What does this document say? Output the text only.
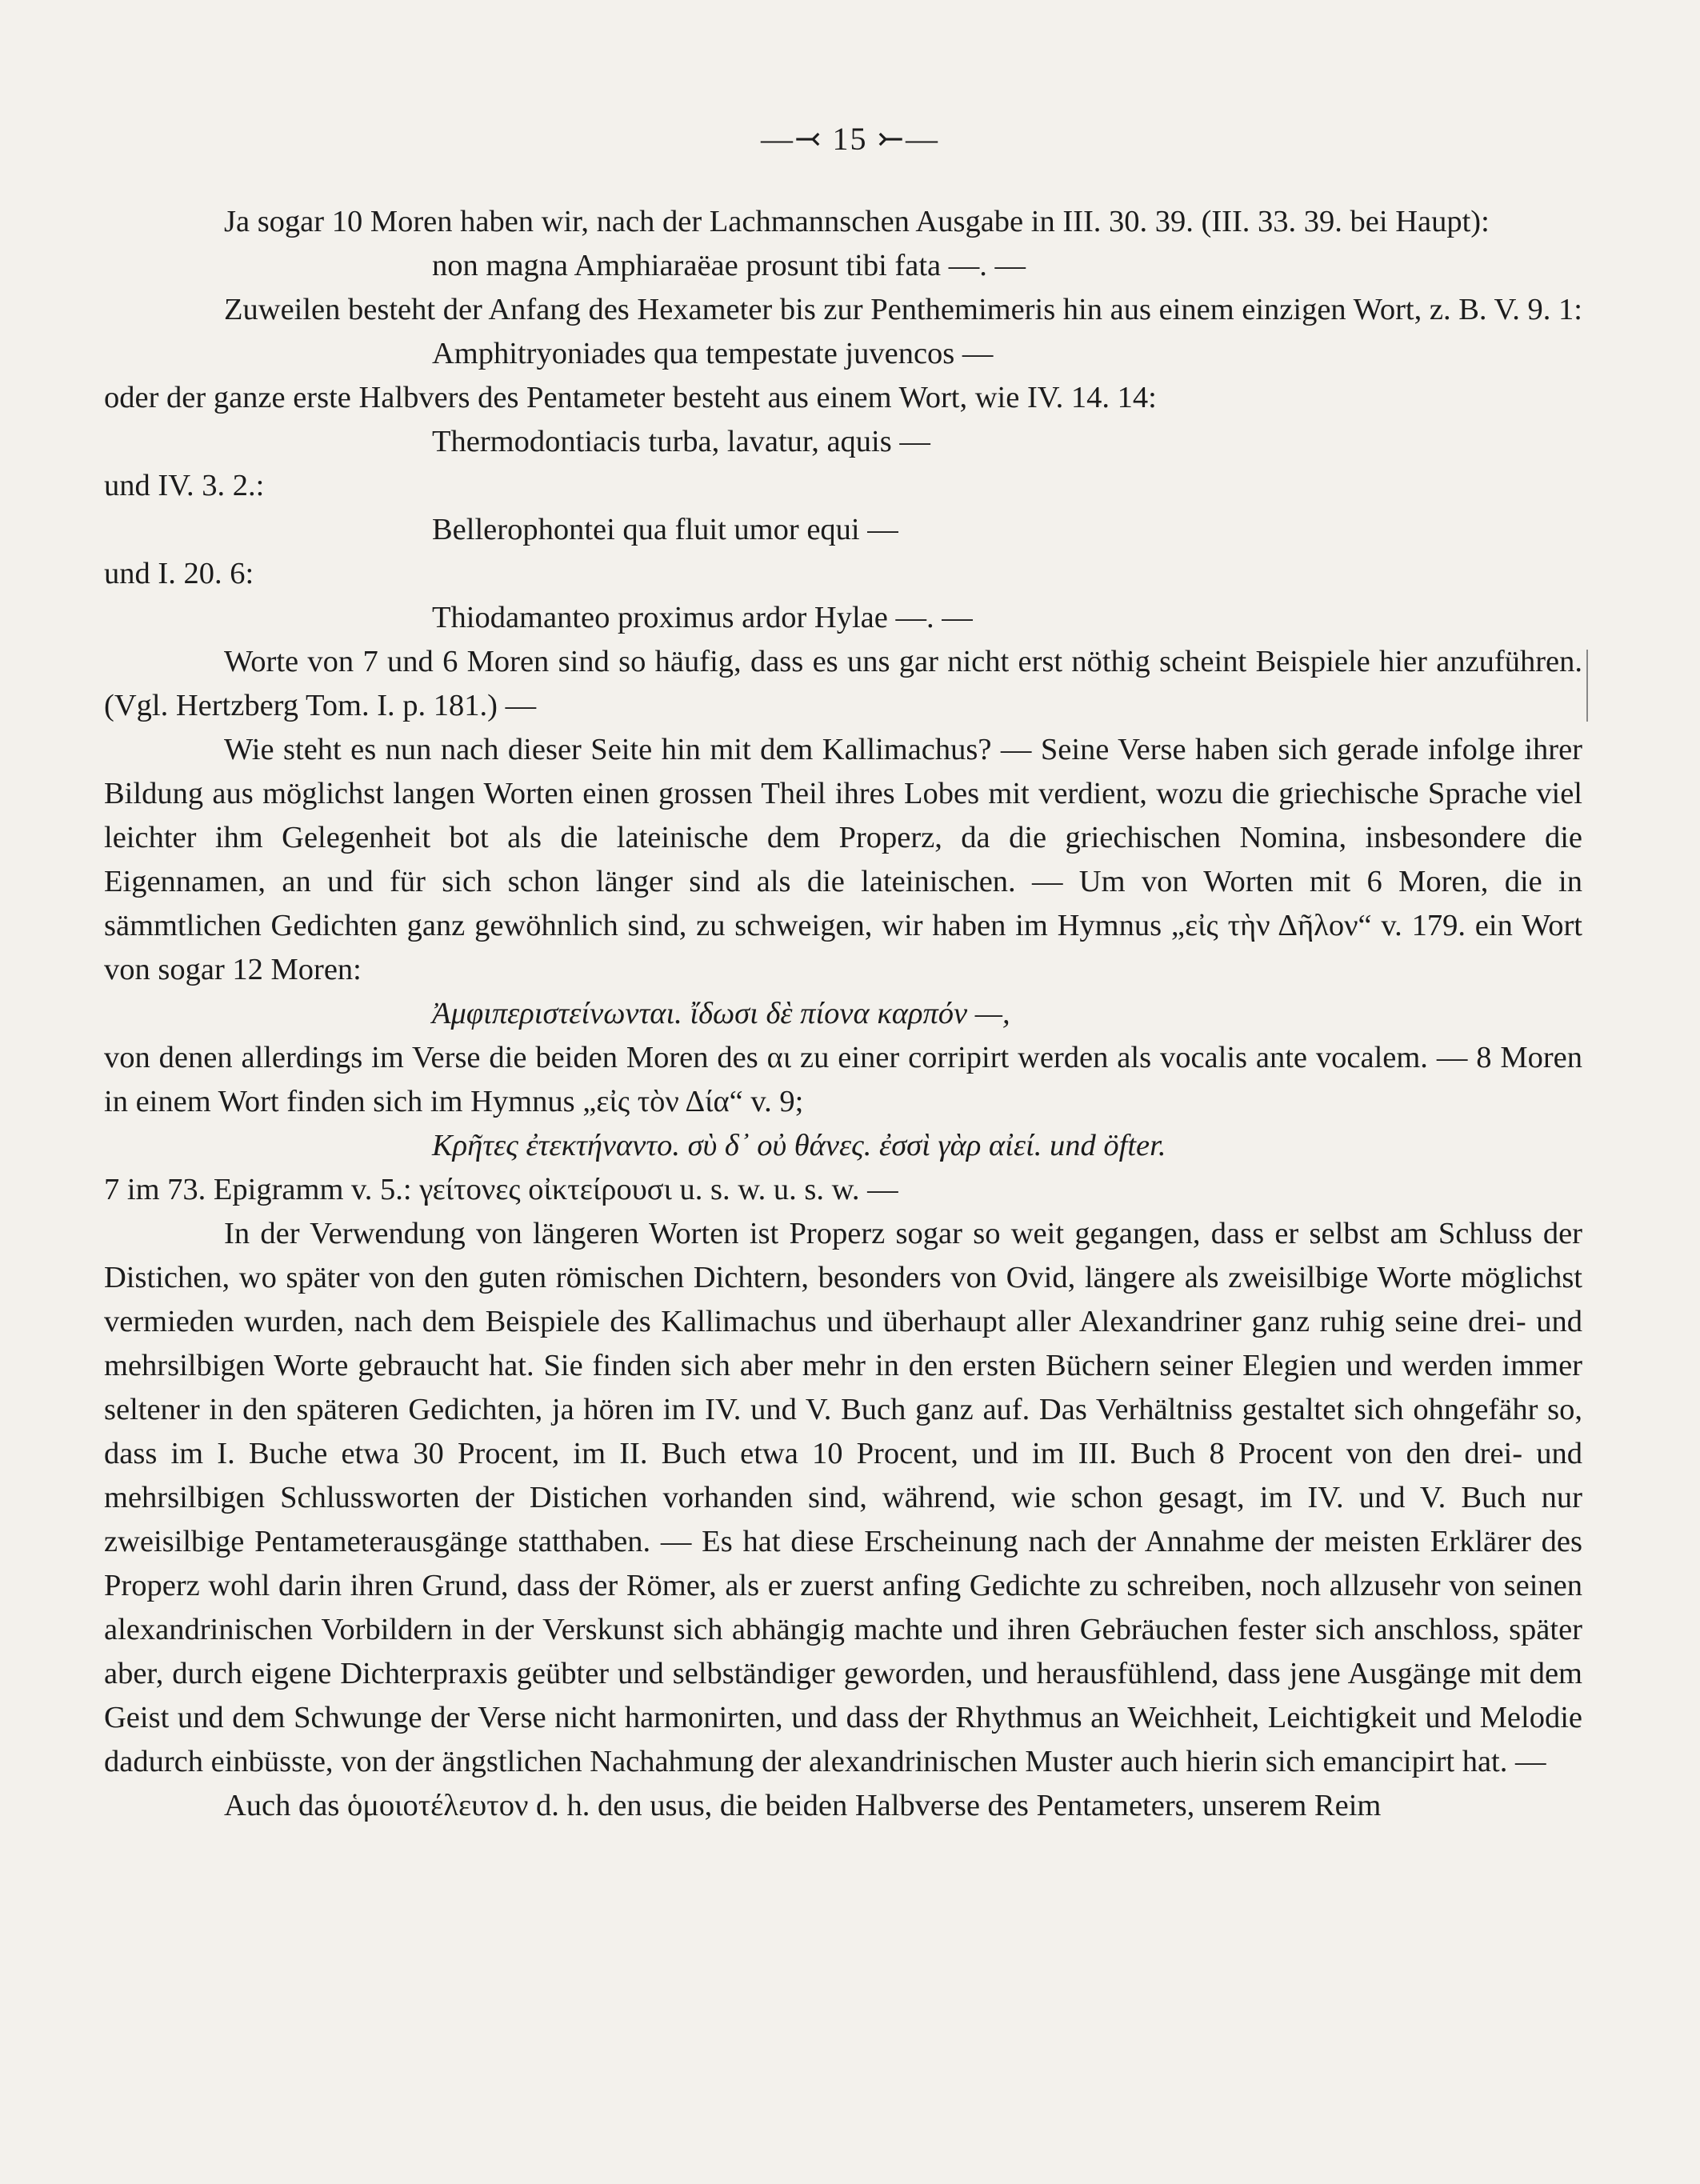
—⤙ 15 ⤚—

Ja sogar 10 Moren haben wir, nach der Lachmannschen Ausgabe in III. 30. 39. (III. 33. 39. bei Haupt):

non magna Amphiaraëae prosunt tibi fata —. —

Zuweilen besteht der Anfang des Hexameter bis zur Penthemimeris hin aus einem einzigen Wort, z. B. V. 9. 1:

Amphitryoniades qua tempestate juvencos —

oder der ganze erste Halbvers des Pentameter besteht aus einem Wort, wie IV. 14. 14:

Thermodontiacis turba, lavatur, aquis —

und IV. 3. 2.:

Bellerophontei qua fluit umor equi —

und I. 20. 6:

Thiodamanteo proximus ardor Hylae —. —

Worte von 7 und 6 Moren sind so häufig, dass es uns gar nicht erst nöthig scheint Beispiele hier anzuführen. (Vgl. Hertzberg Tom. I. p. 181.) —

Wie steht es nun nach dieser Seite hin mit dem Kallimachus? — Seine Verse haben sich gerade infolge ihrer Bildung aus möglichst langen Worten einen grossen Theil ihres Lobes mit verdient, wozu die griechische Sprache viel leichter ihm Gelegenheit bot als die lateinische dem Properz, da die griechischen Nomina, insbesondere die Eigennamen, an und für sich schon länger sind als die lateinischen. — Um von Worten mit 6 Moren, die in sämmtlichen Gedichten ganz gewöhnlich sind, zu schweigen, wir haben im Hymnus „εἰς τὴν Δῆλον“ v. 179. ein Wort von sogar 12 Moren:

Ἀμφιπεριστείνωνται. ἴδωσι δὲ πίονα καρπόν —,

von denen allerdings im Verse die beiden Moren des αι zu einer corripirt werden als vocalis ante vocalem. — 8 Moren in einem Wort finden sich im Hymnus „εἰς τὸν Δία“ v. 9;

Κρῆτες ἐτεκτήναντο. σὺ δ᾽ οὐ θάνες. ἐσσὶ γὰρ αἰεί. und öfter.

7 im 73. Epigramm v. 5.: γείτονες οἰκτείρουσι u. s. w. u. s. w. —

In der Verwendung von längeren Worten ist Properz sogar so weit gegangen, dass er selbst am Schluss der Distichen, wo später von den guten römischen Dichtern, besonders von Ovid, längere als zweisilbige Worte möglichst vermieden wurden, nach dem Beispiele des Kallimachus und überhaupt aller Alexandriner ganz ruhig seine drei- und mehrsilbigen Worte gebraucht hat. Sie finden sich aber mehr in den ersten Büchern seiner Elegien und werden immer seltener in den späteren Gedichten, ja hören im IV. und V. Buch ganz auf. Das Verhältniss gestaltet sich ohngefähr so, dass im I. Buche etwa 30 Procent, im II. Buch etwa 10 Procent, und im III. Buch 8 Procent von den drei- und mehrsilbigen Schlussworten der Distichen vorhanden sind, während, wie schon gesagt, im IV. und V. Buch nur zweisilbige Pentameterausgänge statthaben. — Es hat diese Erscheinung nach der Annahme der meisten Erklärer des Properz wohl darin ihren Grund, dass der Römer, als er zuerst anfing Gedichte zu schreiben, noch allzusehr von seinen alexandrinischen Vorbildern in der Verskunst sich abhängig machte und ihren Gebräuchen fester sich anschloss, später aber, durch eigene Dichterpraxis geübter und selbständiger geworden, und herausfühlend, dass jene Ausgänge mit dem Geist und dem Schwunge der Verse nicht harmonirten, und dass der Rhythmus an Weichheit, Leichtigkeit und Melodie dadurch einbüsste, von der ängstlichen Nachahmung der alexandrinischen Muster auch hierin sich emancipirt hat. —

Auch das ὁμοιοτέλευτον d. h. den usus, die beiden Halbverse des Pentameters, unserem Reim
